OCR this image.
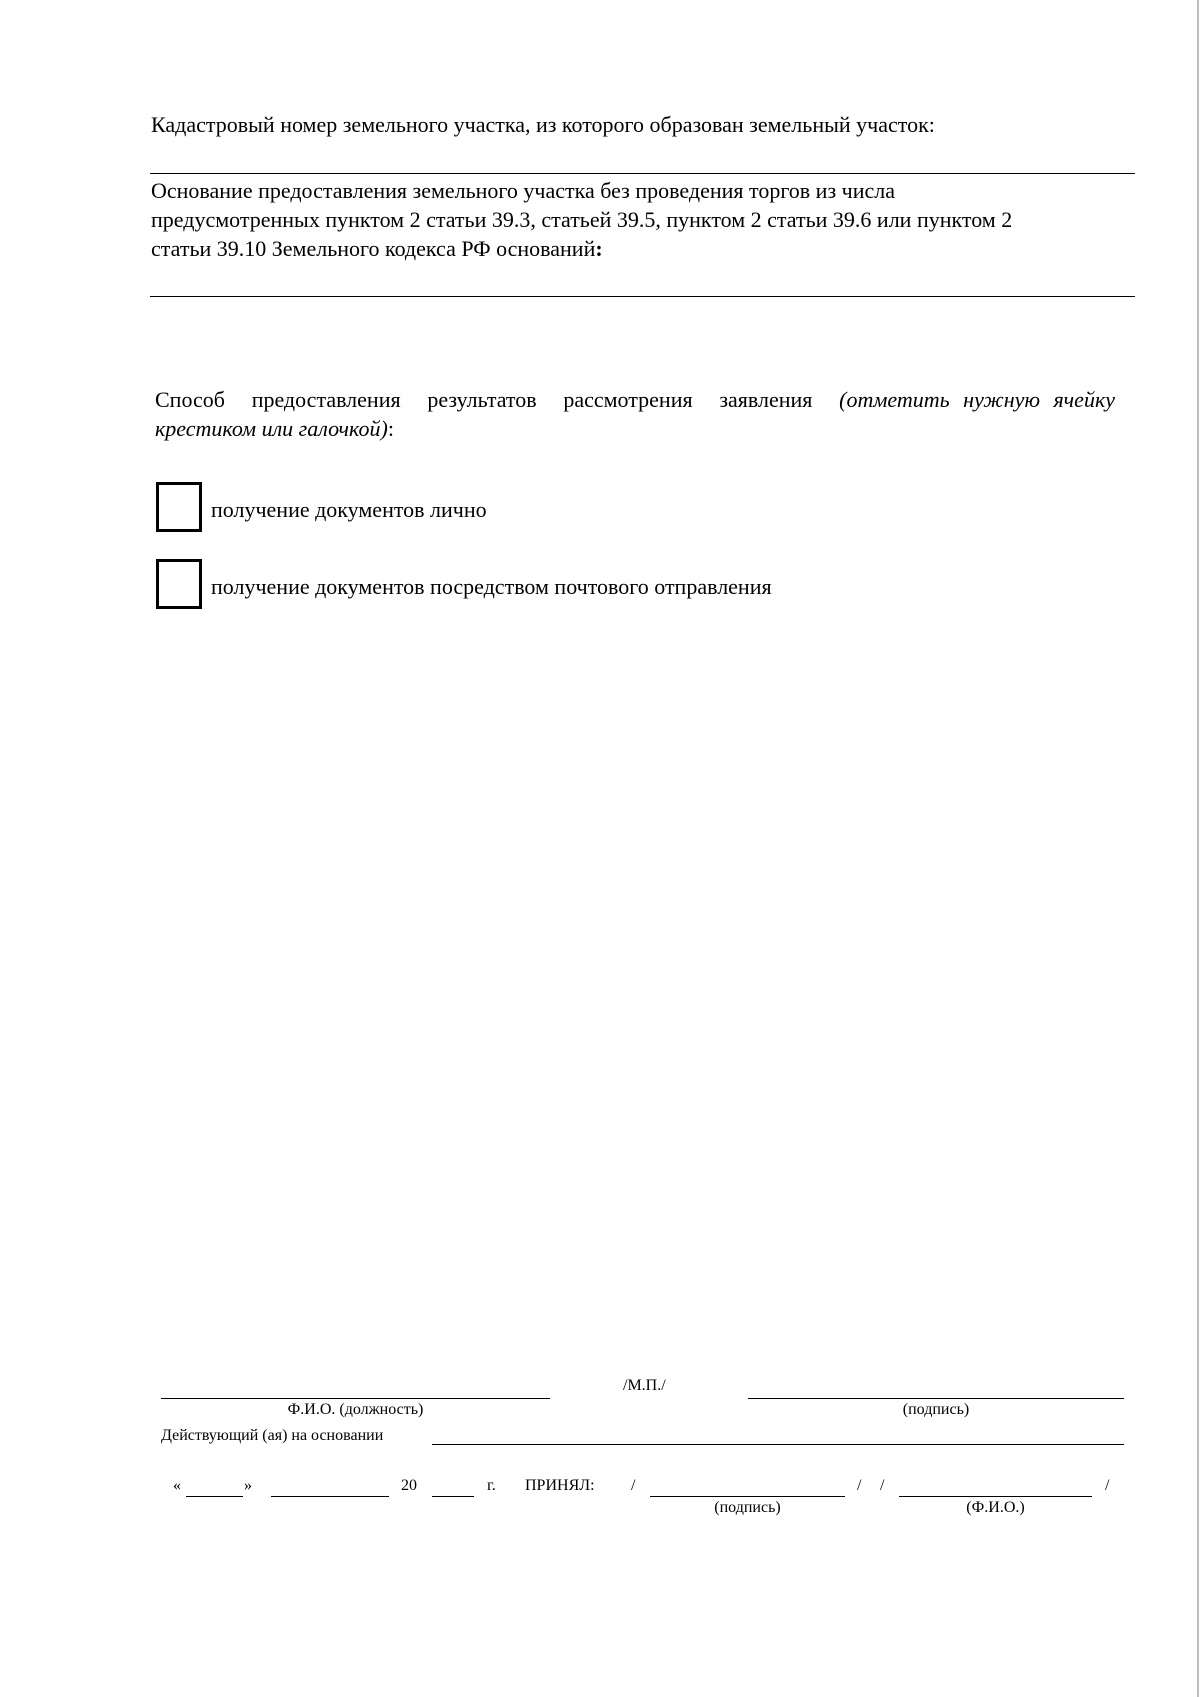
Кадастровый номер земельного участка, из которого образован земельный участок:
Основание предоставления земельного участка без проведения торгов из числа
предусмотренных пунктом 2 статьи 39.3, статьей 39.5, пунктом 2 статьи 39.6 или пунктом 2
статьи 39.10 Земельного кодекса РФ оснований:
Способ предоставления результатов рассмотрения заявления (отметить нужную ячейку
крестиком или галочкой):
получение документов лично
получение документов посредством почтового отправления
/М.П./
Ф.И.О. (должность)	(подпись)
Действующий (ая) на основании
«	»	20	г. ПРИНЯЛ: /	/ /	/
(подпись)	(Ф.И.О.)
